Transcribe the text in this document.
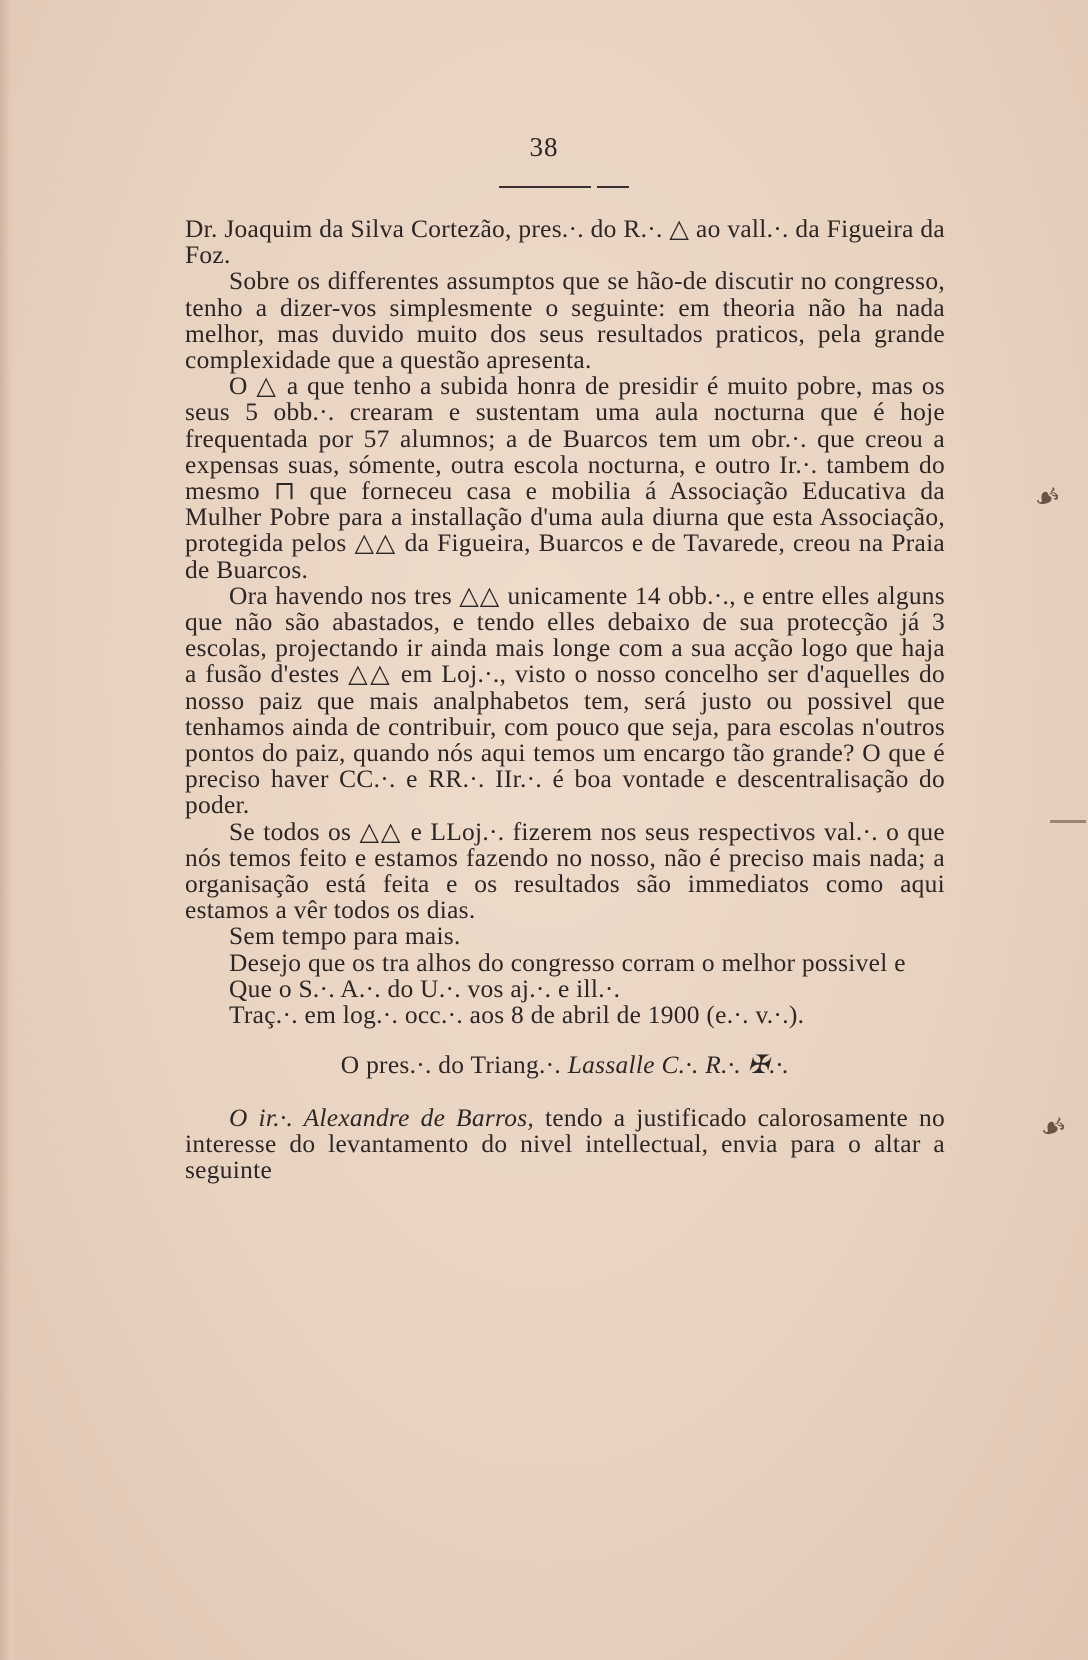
38

Dr. Joaquim da Silva Cortezão, pres.·. do R.·. △ ao vall.·. da Figueira da Foz.

Sobre os differentes assumptos que se hão-de discutir no congresso, tenho a dizer-vos simplesmente o seguinte: em theoria não ha nada melhor, mas duvido muito dos seus resultados praticos, pela grande complexidade que a questão apresenta.

O △ a que tenho a subida honra de presidir é muito pobre, mas os seus 5 obb.·. crearam e sustentam uma aula nocturna que é hoje frequentada por 57 alumnos; a de Buarcos tem um obr.·. que creou a expensas suas, sómente, outra escola nocturna, e outro Ir.·. tambem do mesmo ⊓ que forneceu casa e mobilia á Associação Educativa da Mulher Pobre para a installação d'uma aula diurna que esta Associação, protegida pelos △△ da Figueira, Buarcos e de Tavarede, creou na Praia de Buarcos.

Ora havendo nos tres △△ unicamente 14 obb.·., e entre elles alguns que não são abastados, e tendo elles debaixo de sua protecção já 3 escolas, projectando ir ainda mais longe com a sua acção logo que haja a fusão d'estes △△ em Loj.·., visto o nosso concelho ser d'aquelles do nosso paiz que mais analphabetos tem, será justo ou possivel que tenhamos ainda de contribuir, com pouco que seja, para escolas n'outros pontos do paiz, quando nós aqui temos um encargo tão grande? O que é preciso haver CC.·. e RR.·. IIr.·. é boa vontade e descentralisação do poder.

Se todos os △△ e LLoj.·. fizerem nos seus respectivos val.·. o que nós temos feito e estamos fazendo no nosso, não é preciso mais nada; a organisação está feita e os resultados são immediatos como aqui estamos a vêr todos os dias.

Sem tempo para mais.

Desejo que os tra alhos do congresso corram o melhor possivel e

Que o S.·. A.·. do U.·. vos aj.·. e ill.·.

Traç.·. em log.·. occ.·. aos 8 de abril de 1900 (e.·. v.·.).

O pres.·. do Triang.·. Lassalle C.·. R.·. ✠.·.

O ir.·. Alexandre de Barros, tendo a justificado calorosamente no interesse do levantamento do nivel intellectual, envia para o altar a seguinte

☙
☙
